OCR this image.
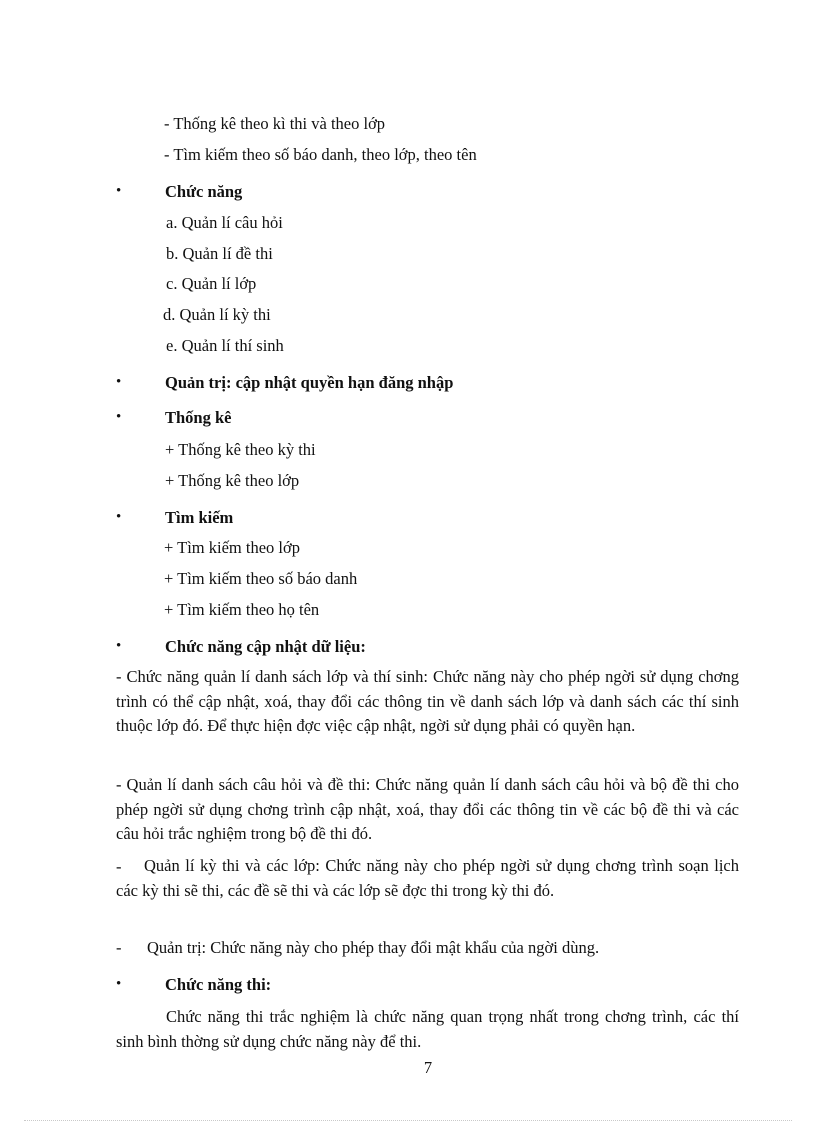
- Thống kê theo kì thi và theo lớp
- Tìm kiếm theo số báo danh, theo lớp, theo tên
•	Chức năng
a. Quản lí câu hỏi
b. Quản lí đề thi
c. Quản lí lớp
d. Quản lí kỳ thi
e. Quản lí thí sinh
•	Quản trị: cập nhật quyền hạn đăng nhập
•	Thống kê
+ Thống kê theo kỳ thi
+ Thống kê theo lớp
•	Tìm kiếm
+ Tìm kiếm theo lớp
+ Tìm kiếm theo số báo danh
+ Tìm kiếm theo họ tên
•	Chức năng cập nhật dữ liệu:
- Chức năng quản lí danh sách lớp và thí sinh: Chức năng này cho phép ngời sử dụng chơng trình có thể cập nhật, xoá, thay đổi các thông tin về danh sách lớp và danh sách các thí sinh thuộc lớp đó. Để thực hiện đợc việc cập nhật, ngời sử dụng phải có quyền hạn.
- Quản lí danh sách câu hỏi và đề thi: Chức năng quản lí danh sách câu hỏi và bộ đề thi cho phép ngời sử dụng chơng trình cập nhật, xoá, thay đổi các thông tin về các bộ đề thi và các câu hỏi trắc nghiệm trong bộ đề thi đó.
-	Quản lí kỳ thi và các lớp: Chức năng này cho phép ngời sử dụng chơng trình soạn lịch các kỳ thi sẽ thi, các đề sẽ thi và các lớp sẽ đợc thi trong kỳ thi đó.
- Quản trị: Chức năng này cho phép thay đổi mật khẩu của ngời dùng.
•	Chức năng thi:
Chức năng thi trắc nghiệm là chức năng quan trọng nhất trong chơng trình, các thí sinh bình thờng sử dụng chức năng này để thi.
7
